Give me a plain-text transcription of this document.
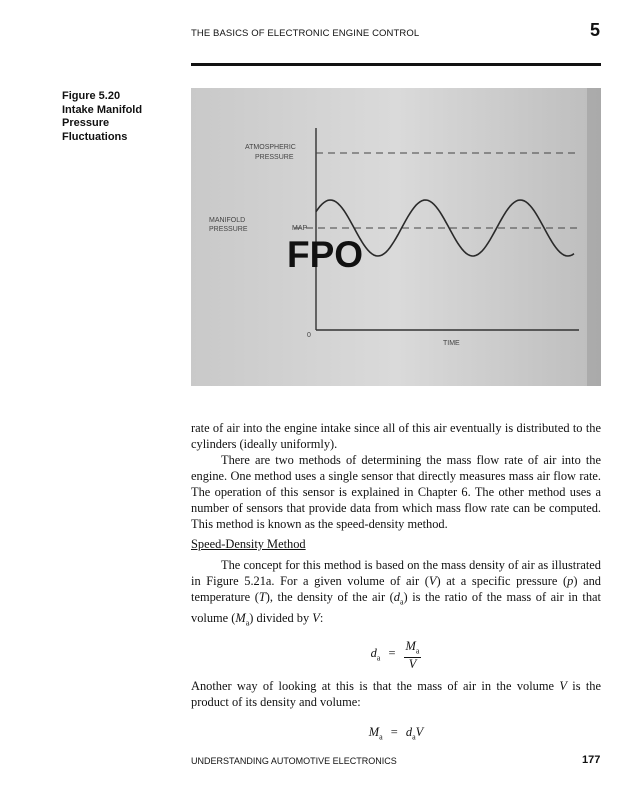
THE BASICS OF ELECTRONIC ENGINE CONTROL	5
Figure 5.20
Intake Manifold
Pressure
Fluctuations
ATMOSPHERIC
PRESSURE
MANIFOLD
PRESSURE	MAP
FPO
0
TIME

rate of air into the engine intake since all of this air eventually is distributed to the cylinders (ideally uniformly).

There are two methods of determining the mass flow rate of air into the engine. One method uses a single sensor that directly measures mass air flow rate. The operation of this sensor is explained in Chapter 6. The other method uses a number of sensors that provide data from which mass flow rate can be computed. This method is known as the speed-density method.

Speed-Density Method

The concept for this method is based on the mass density of air as illustrated in Figure 5.21a. For a given volume of air (V) at a specific pressure (p) and temperature (T), the density of the air $(d_a)$ is the ratio of the mass of air in that volume $(M_a)$ divided by V:

$d_a = \frac{M_a}{V}$

Another way of looking at this is that the mass of air in the volume V is the product of its density and volume:

$M_a = d_aV$
UNDERSTANDING AUTOMOTIVE ELECTRONICS	177
